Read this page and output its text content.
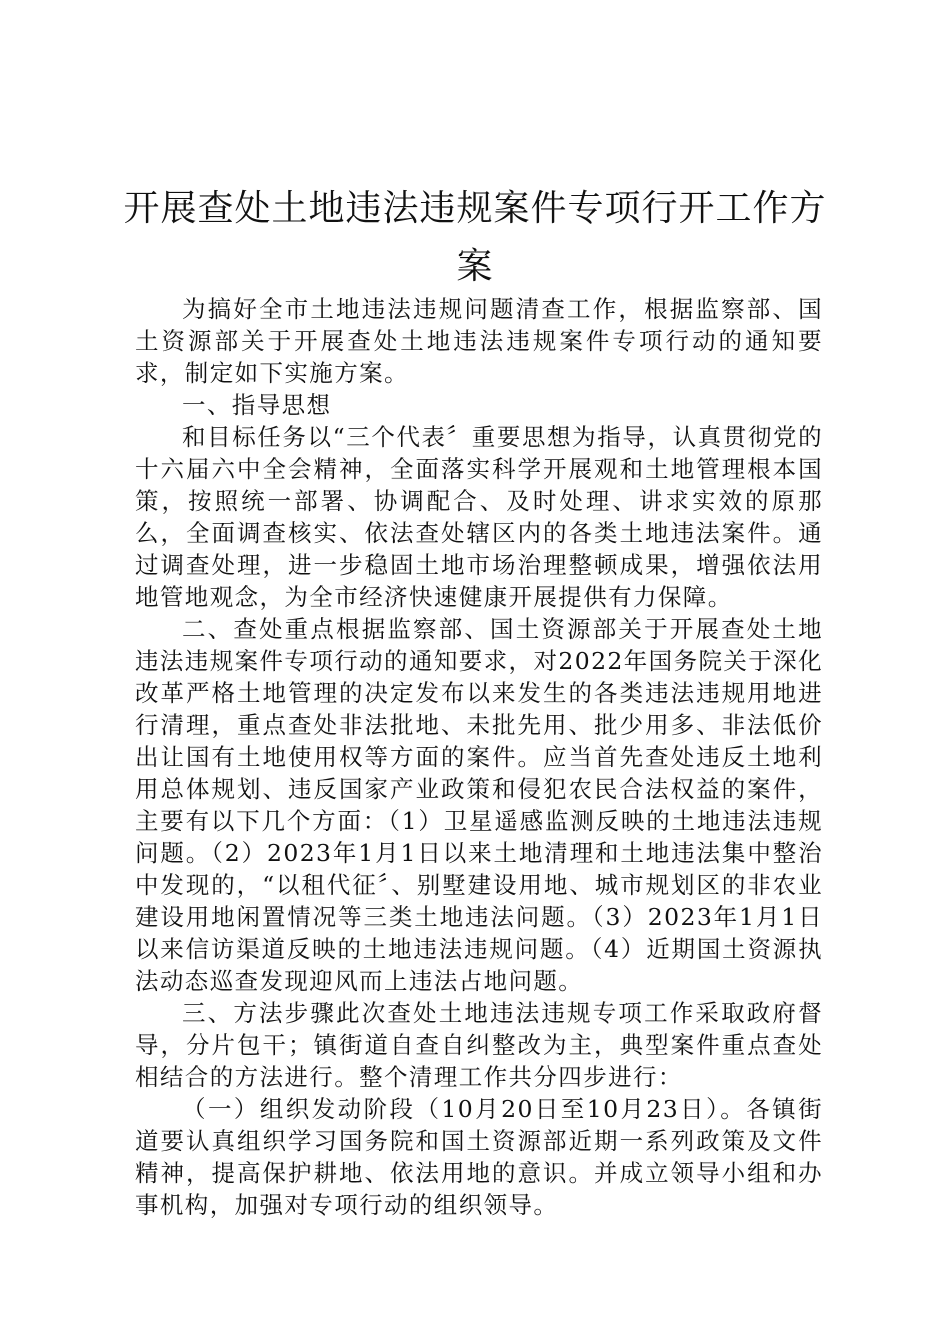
开展查处土地违法违规案件专项行开工作方
案

为搞好全市土地违法违规问题清查工作，根据监察部、国土资源部关于开展查处土地违法违规案件专项行动的通知要求，制定如下实施方案。

一、指导思想

和目标任务以“三个代表〞重要思想为指导，认真贯彻党的十六届六中全会精神，全面落实科学开展观和土地管理根本国策，按照统一部署、协调配合、及时处理、讲求实效的原那么，全面调查核实、依法查处辖区内的各类土地违法案件。通过调查处理，进一步稳固土地市场治理整顿成果，增强依法用地管地观念，为全市经济快速健康开展提供有力保障。

二、查处重点根据监察部、国土资源部关于开展查处土地违法违规案件专项行动的通知要求，对2022年国务院关于深化改革严格土地管理的决定发布以来发生的各类违法违规用地进行清理，重点查处非法批地、未批先用、批少用多、非法低价出让国有土地使用权等方面的案件。应当首先查处违反土地利用总体规划、违反国家产业政策和侵犯农民合法权益的案件，主要有以下几个方面：（1）卫星遥感监测反映的土地违法违规问题。（2）2023年1月1日以来土地清理和土地违法集中整治中发现的，“以租代征〞、别墅建设用地、城市规划区的非农业建设用地闲置情况等三类土地违法问题。（3）2023年1月1日以来信访渠道反映的土地违法违规问题。（4）近期国土资源执法动态巡查发现迎风而上违法占地问题。

三、方法步骤此次查处土地违法违规专项工作采取政府督导，分片包干；镇街道自查自纠整改为主，典型案件重点查处相结合的方法进行。整个清理工作共分四步进行：

（一）组织发动阶段（10月20日至10月23日）。各镇街道要认真组织学习国务院和国土资源部近期一系列政策及文件精神，提高保护耕地、依法用地的意识。并成立领导小组和办事机构，加强对专项行动的组织领导。
